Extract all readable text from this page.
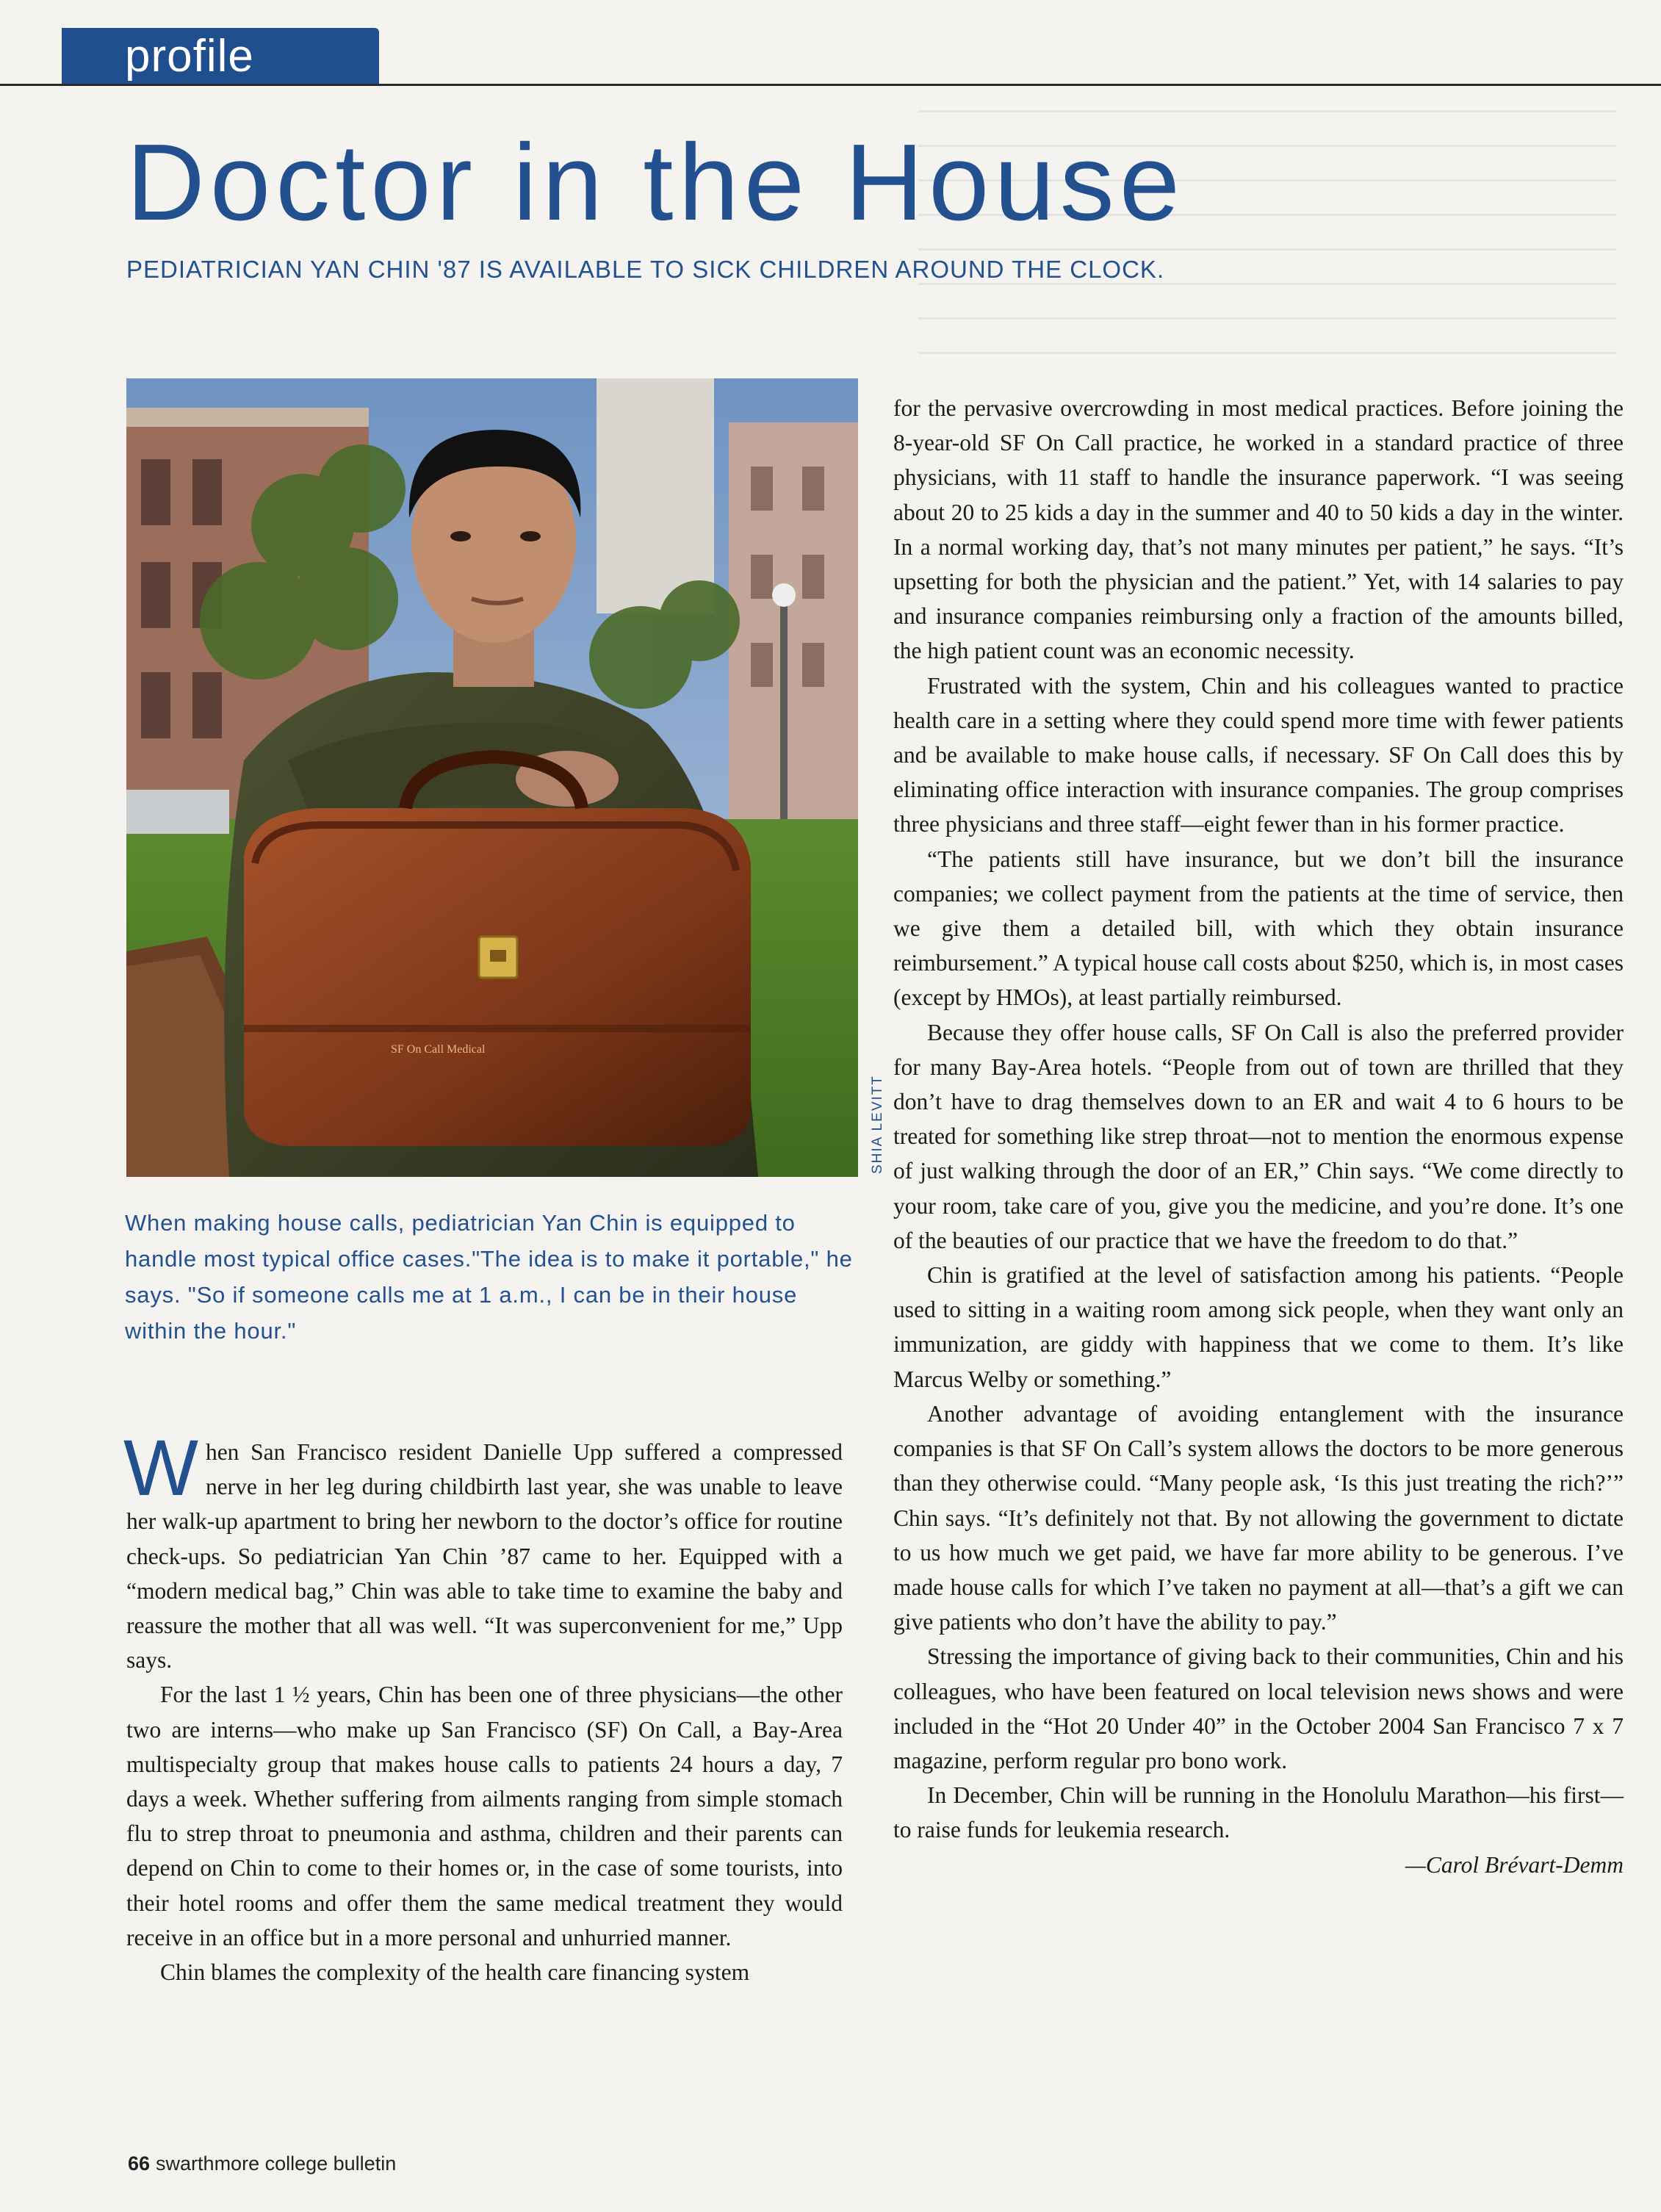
profile
Doctor in the House
PEDIATRICIAN YAN CHIN '87 IS AVAILABLE TO SICK CHILDREN AROUND THE CLOCK.
SF On Call Medical
SHIA LEVITT

When making house calls, pediatrician Yan Chin is equipped to handle most typical office cases."The idea is to make it portable," he says. "So if someone calls me at 1 a.m., I can be in their house within the hour."

When San Francisco resident Danielle Upp suffered a compressed nerve in her leg during childbirth last year, she was unable to leave her walk-up apartment to bring her newborn to the doctor’s office for routine check-ups. So pediatrician Yan Chin ’87 came to her. Equipped with a “modern medical bag,” Chin was able to take time to examine the baby and reassure the mother that all was well. “It was superconvenient for me,” Upp says.

For the last 1 ½ years, Chin has been one of three physicians—the other two are interns—who make up San Francisco (SF) On Call, a Bay-Area multispecialty group that makes house calls to patients 24 hours a day, 7 days a week. Whether suffering from ailments ranging from simple stomach flu to strep throat to pneumonia and asthma, children and their parents can depend on Chin to come to their homes or, in the case of some tourists, into their hotel rooms and offer them the same medical treatment they would receive in an office but in a more personal and unhurried manner.

Chin blames the complexity of the health care financing system

for the pervasive overcrowding in most medical practices. Before joining the 8-year-old SF On Call practice, he worked in a standard practice of three physicians, with 11 staff to handle the insurance paperwork. “I was seeing about 20 to 25 kids a day in the summer and 40 to 50 kids a day in the winter. In a normal working day, that’s not many minutes per patient,” he says. “It’s upsetting for both the physician and the patient.” Yet, with 14 salaries to pay and insurance companies reimbursing only a fraction of the amounts billed, the high patient count was an economic necessity.

Frustrated with the system, Chin and his colleagues wanted to practice health care in a setting where they could spend more time with fewer patients and be available to make house calls, if necessary. SF On Call does this by eliminating office interaction with insurance companies. The group comprises three physicians and three staff—eight fewer than in his former practice.

“The patients still have insurance, but we don’t bill the insurance companies; we collect payment from the patients at the time of service, then we give them a detailed bill, with which they obtain insurance reimbursement.” A typical house call costs about $250, which is, in most cases (except by HMOs), at least partially reimbursed.

Because they offer house calls, SF On Call is also the preferred provider for many Bay-Area hotels. “People from out of town are thrilled that they don’t have to drag themselves down to an ER and wait 4 to 6 hours to be treated for something like strep throat—not to mention the enormous expense of just walking through the door of an ER,” Chin says. “We come directly to your room, take care of you, give you the medicine, and you’re done. It’s one of the beauties of our practice that we have the freedom to do that.”

Chin is gratified at the level of satisfaction among his patients. “People used to sitting in a waiting room among sick people, when they want only an immunization, are giddy with happiness that we come to them. It’s like Marcus Welby or something.”

Another advantage of avoiding entanglement with the insurance companies is that SF On Call’s system allows the doctors to be more generous than they otherwise could. “Many people ask, ‘Is this just treating the rich?’” Chin says. “It’s definitely not that. By not allowing the government to dictate to us how much we get paid, we have far more ability to be generous. I’ve made house calls for which I’ve taken no payment at all—that’s a gift we can give patients who don’t have the ability to pay.”

Stressing the importance of giving back to their communities, Chin and his colleagues, who have been featured on local television news shows and were included in the “Hot 20 Under 40” in the October 2004 San Francisco 7 x 7 magazine, perform regular pro bono work.

In December, Chin will be running in the Honolulu Marathon—his first—to raise funds for leukemia research.

—Carol Brévart-Demm

66 swarthmore college bulletin
